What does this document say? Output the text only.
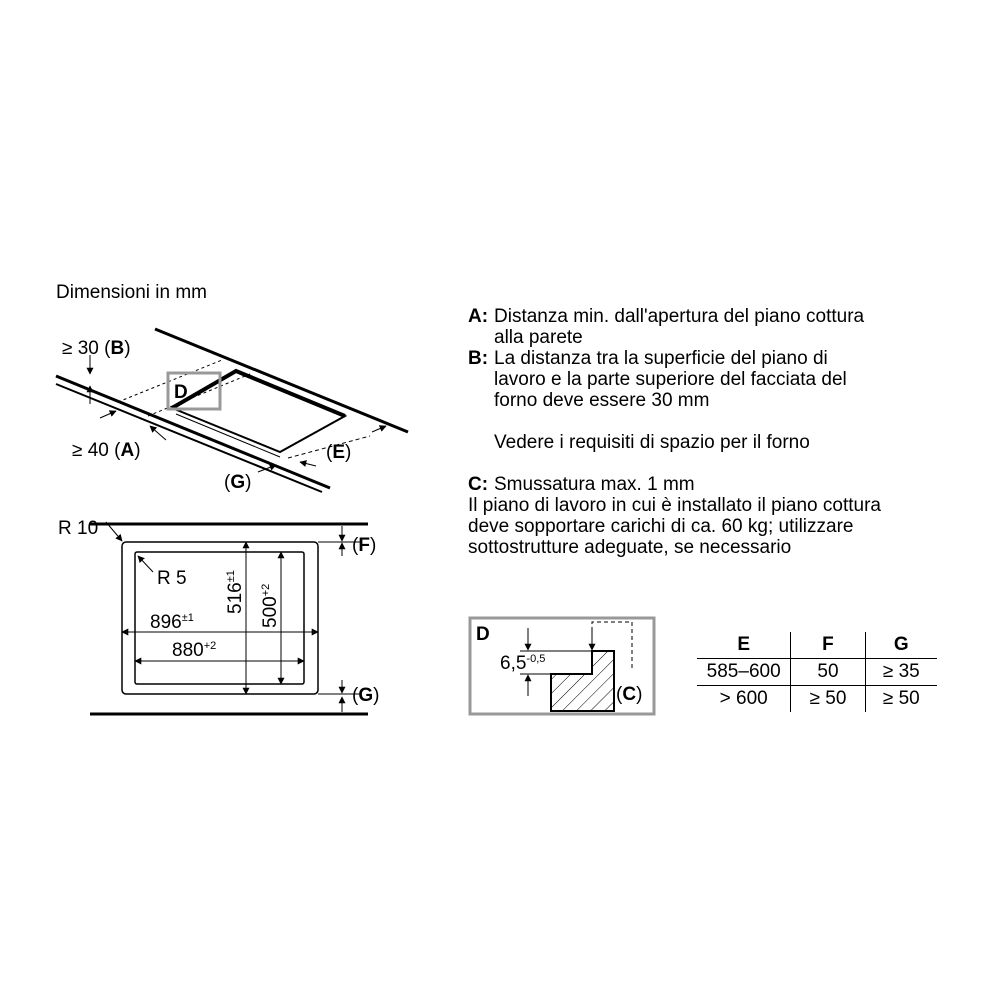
Dimensioni in mm
D
≥ 30 (B)
≥ 40 (A)
(G)
(E)
R 10
R 5
$896^{\pm 1}$
$880^{+2}$
$516^{\pm 1}$
$500^{+2}$
(F)
(G)
D
$6,5^{-0,5}$
(C)
A: Distanza min. dall'apertura del piano cottura
alla parete
B: La distanza tra la superficie del piano di
lavoro e la parte superiore del facciata del
forno deve essere 30 mm
Vedere i requisiti di spazio per il forno
C: Smussatura max. 1 mm
Il piano di lavoro in cui è installato il piano cottura
deve sopportare carichi di ca. 60 kg; utilizzare
sottostrutture adeguate, se necessario
E	F	G
585–600	50	≥ 35
> 600	≥ 50	≥ 50
